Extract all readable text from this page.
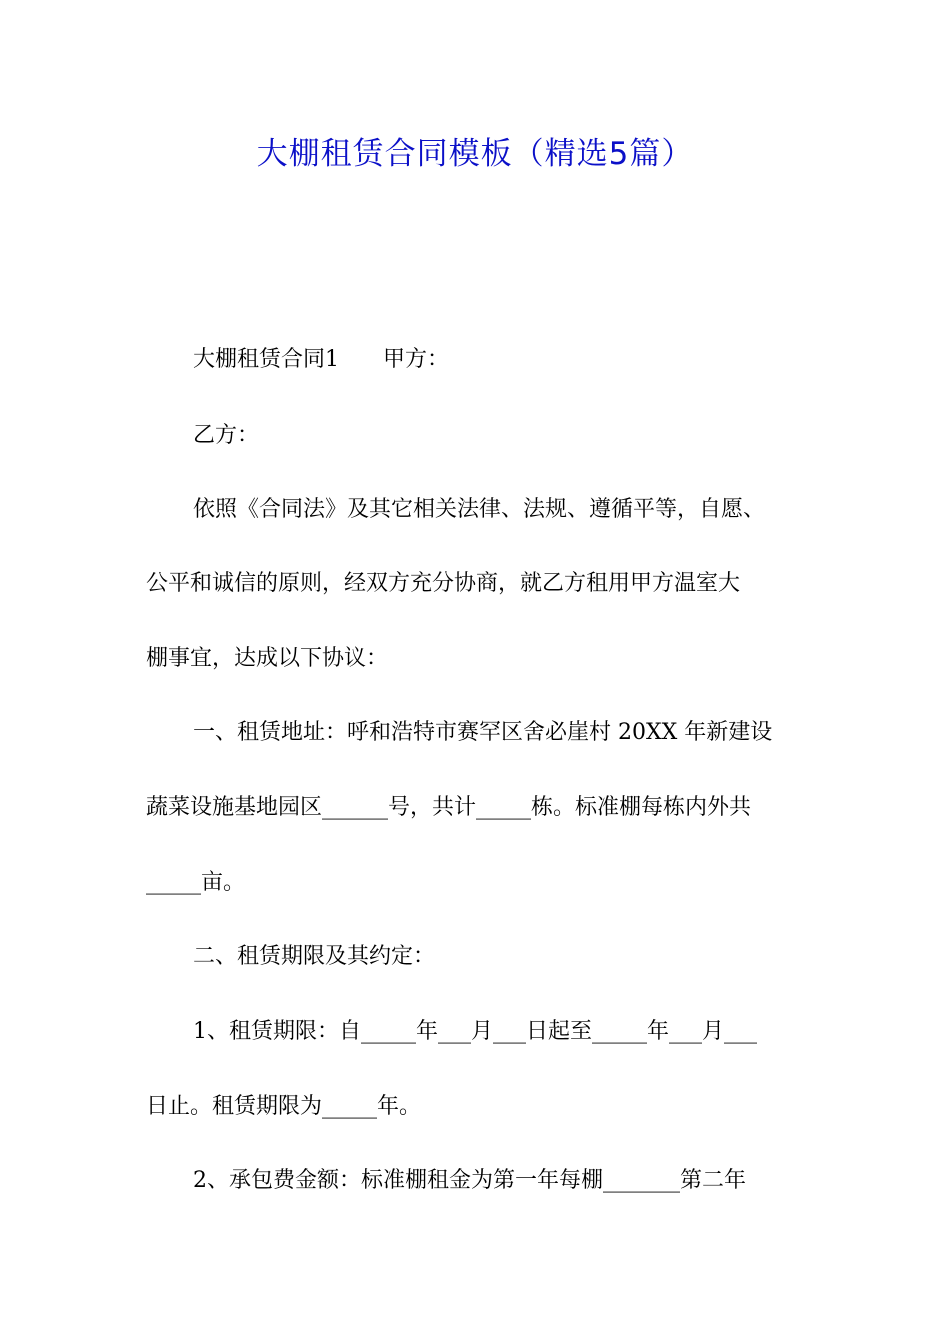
大棚租赁合同模板（精选5篇）
大棚租赁合同1　　甲方：
乙方：
依照《合同法》及其它相关法律、法规、遵循平等，自愿、
公平和诚信的原则，经双方充分协商，就乙方租用甲方温室大
棚事宜，达成以下协议：
一、租赁地址：呼和浩特市赛罕区舍必崖村 20XX 年新建设
蔬菜设施基地园区______号，共计_____栋。标准棚每栋内外共
_____亩。
二、租赁期限及其约定：
1、租赁期限：自_____年___月___日起至_____年___月___
日止。租赁期限为_____年。
2、承包费金额：标准棚租金为第一年每棚_______第二年
